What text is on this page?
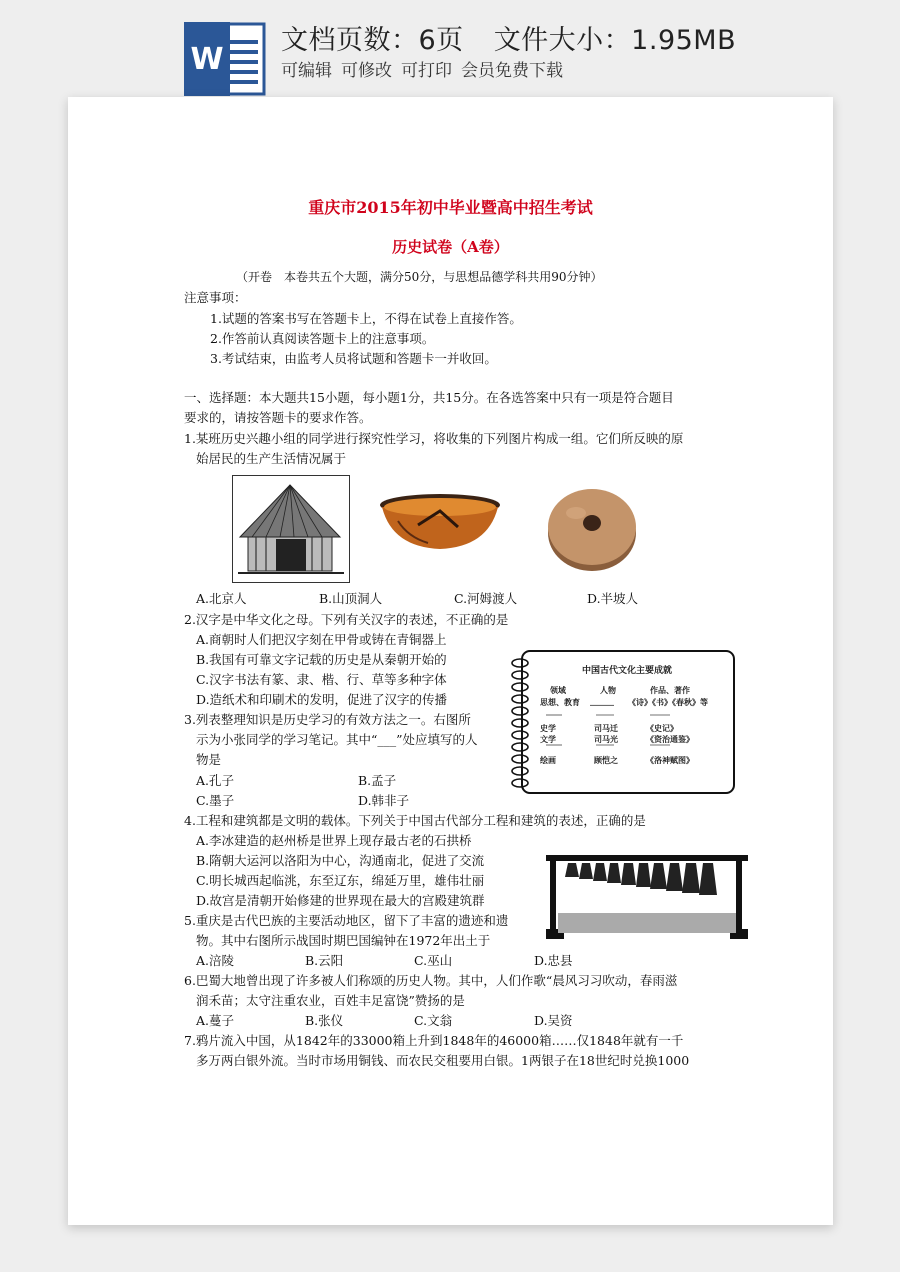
W
文档页数：6页 文件大小：1.95MB
可编辑 可修改 可打印 会员免费下载
重庆市2015年初中毕业暨高中招生考试
历史试卷（A卷）
（开卷　本卷共五个大题，满分50分，与思想品德学科共用90分钟）
注意事项：
1.试题的答案书写在答题卡上，不得在试卷上直接作答。
2.作答前认真阅读答题卡上的注意事项。
3.考试结束，由监考人员将试题和答题卡一并收回。
一、选择题：本大题共15小题，每小题1分，共15分。在各选答案中只有一项是符合题目
要求的，请按答题卡的要求作答。
1.某班历史兴趣小组的同学进行探究性学习，将收集的下列图片构成一组。它们所反映的原
始居民的生产生活情况属于
A.北京人	B.山顶洞人	C.河姆渡人	D.半坡人
2.汉字是中华文化之母。下列有关汉字的表述，不正确的是
A.商朝时人们把汉字刻在甲骨或铸在青铜器上
B.我国有可靠文字记载的历史是从秦朝开始的
C.汉字书法有篆、隶、楷、行、草等多种字体
D.造纸术和印刷术的发明，促进了汉字的传播
3.列表整理知识是历史学习的有效方法之一。右图所
示为小张同学的学习笔记。其中“___”处应填写的人
物是
A.孔子	B.孟子
C.墨子	D.韩非子
中国古代文化主要成就
领域	人物	作品、著作
思想、教育 ______ 《诗》《书》《春秋》等
史学	司马迁	《史记》
文学	司马光	《资治通鉴》
绘画	顾恺之	《洛神赋图》
4.工程和建筑都是文明的载体。下列关于中国古代部分工程和建筑的表述，正确的是
A.李冰建造的赵州桥是世界上现存最古老的石拱桥
B.隋朝大运河以洛阳为中心，沟通南北，促进了交流
C.明长城西起临洮，东至辽东，绵延万里，雄伟壮丽
D.故宫是清朝开始修建的世界现在最大的宫殿建筑群
5.重庆是古代巴族的主要活动地区，留下了丰富的遗迹和遗
物。其中右图所示战国时期巴国编钟在1972年出土于
A.涪陵	B.云阳	C.巫山	D.忠县
6.巴蜀大地曾出现了许多被人们称颂的历史人物。其中，人们作歌“晨风习习吹动，春雨滋
润禾苗；太守注重农业，百姓丰足富饶”赞扬的是
A.蔓子	B.张仪	C.文翁	D.吴资
7.鸦片流入中国，从1842年的33000箱上升到1848年的46000箱……仅1848年就有一千
多万两白银外流。当时市场用铜钱、而农民交租要用白银。1两银子在18世纪时兑换1000
